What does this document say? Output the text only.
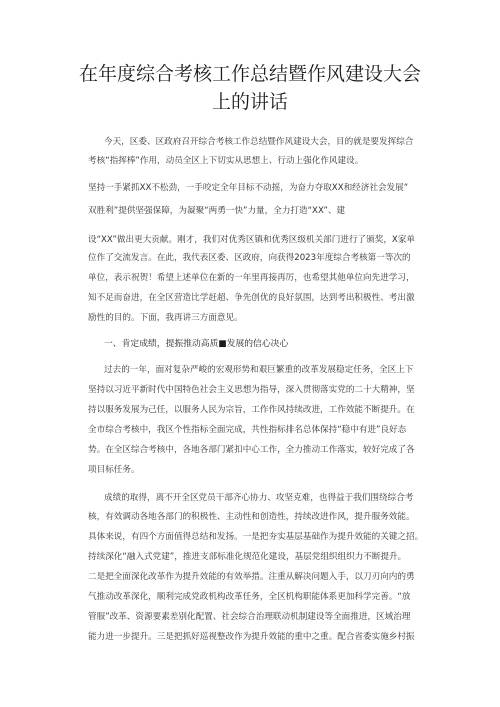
在年度综合考核工作总结暨作风建设大会
上的讲话
今天，区委、区政府召开综合考核工作总结暨作风建设大会，目的就是要发挥综合
考核“指挥棒”作用，动员全区上下切实从思想上、行动上强化作风建设。
坚持一手紧抓XX不松劲，一手咬定全年目标不动摇，为奋力夺取XX和经济社会发展“
双胜利”提供坚强保障，为凝聚“两勇一快”力量，全力打造“XX”、建
设“XX”做出更大贡献。刚才，我们对优秀区镇和优秀区级机关部门进行了颁奖，X家单
位作了交流发言。在此，我代表区委、区政府，向获得2023年度综合考核第一等次的
单位，表示祝贺！希望上述单位在新的一年里再接再厉，也希望其他单位向先进学习，
知不足而奋进，在全区营造比学赶超、争先创优的良好氛围，达到考出积极性、考出激
励性的目的。下面，我再讲三方面意见。
一、肯定成绩，提振推动高质■发展的信心决心
过去的一年，面对复杂严峻的宏观形势和艰巨繁重的改革发展稳定任务，全区上下
坚持以习近平新时代中国特色社会主义思想为指导，深入贯彻落实党的二十大精神，坚
持以服务发展为己任，以服务人民为宗旨，工作作风持续改进，工作效能不断提升。在
全市综合考核中，我区个性指标全面完成，共性指标排名总体保持“稳中有进”良好态
势。在全区综合考核中，各地各部门紧扣中心工作，全力推动工作落实，较好完成了各
项目标任务。
成绩的取得，离不开全区党员干部齐心协力、攻坚克难，也得益于我们围绕综合考
核，有效调动各地各部门的积极性、主动性和创造性，持续改进作风，提升服务效能。
具体来说，有四个方面值得总结和发扬。一是把夯实基层基础作为提升效能的关键之招。
持续深化“融入式党建”，推进支部标准化规范化建设，基层党组织组织力不断提升。
二是把全面深化改革作为提升效能的有效举措。注重从解决问题入手，以刀刃向内的勇
气推动改革深化，顺利完成党政机构改革任务，全区机构职能体系更加科学完善。“放
管服”改革、资源要素差别化配置、社会综合治理联动机制建设等全面推进，区域治理
能力进一步提升。三是把抓好巡视整改作为提升效能的重中之重。配合省委实施乡村振
